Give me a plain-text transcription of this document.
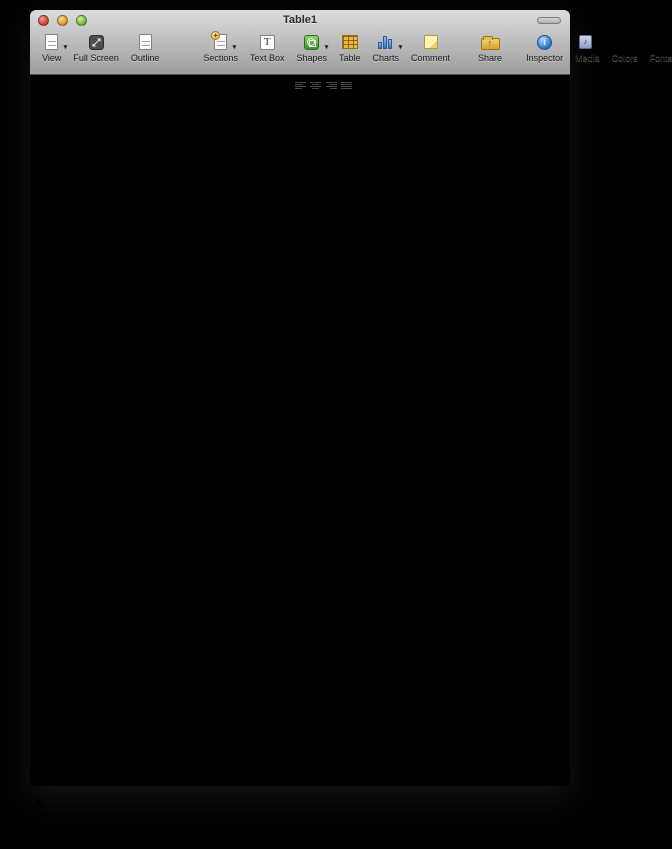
Table1
▾
View Full Screen Outline
+
▾
Sections
T
Text Box
▾
Shapes Table
▾
Charts Comment
↑	Share
i
Inspector
♪ Media Colors
A
Fonts
¶▾ a▾ Helvetica▴▾ Bold▴▾ 12▾ a B I U	↕1▴▾ ▾ ▾

Table 1. Data collection and refinement statistics.

	L33D-1	L33D-2	L33D-3	D76A
Wavelength(Ã…)	1.116	1.116	1.893	1.116
Resolutionrange (Ã…)	20 - 2.0 (2.07 - 2.0)	51.71 - 1.6 (1.69 - 1.6)	20 - 2.9 (3.06 - 2.9)	20 - 2.35 (2.43 - 2.35)
Space group	P 1 21 1	P 21 21 21	P 21 21 21	P 21 21 21
Unit cell	80.9 51.5 141 90 107 90	39.3 51.6 155 90 90 90	40.2 50.6 133 90 90 90	40.5 51.1 135 90 90 90
Total reflec-tions	291180	158652	23610	34148
Unique reflec-tions	75618	41813	6430	11854
Multiplicity	3.9 (3.3)	3.8 (3.1)	3.7 (3.6)	2.9 (2.3)
Completeness(%)	99.50 (97.10)	97.90 (88.20)	99.70 (99.90)	96.50 (95.10)
I/sigma(I)	11.90 (2.25)	18.20 (3.40)	11.10 (3.10)	15.00 (1.70)
Wilson B-factor		18.29	52.07	35.59
R-sym	0.097 (0.429)	0.034 (0.315)	0.087 (0.406)	0.075 (0.59)
R-factor	0.2009	0.1454	0.2106	0.2150
R-free	0.2579	0.1824	0.2766	0.2884
Number of at-oms	9124	2593	2063	4079
Protein resi-dues	1068	274	268	266
Water mole-cules	907	352	50	15
RMS(bonds)	0.017	0.026	0.017	0.007
RMS(angles)	1.61	1.80	1.14	1.34
Ramachandranfavored (%)	99	98	96	94
Ramachandranoutliers (%)	0	0	0.76	0.76
Clashscore	8.36	7.14	11.79	23.24
▲
▼
125%▴▾ 217 Words Page 1 of 2 ▲ ▼ ⚙▾
